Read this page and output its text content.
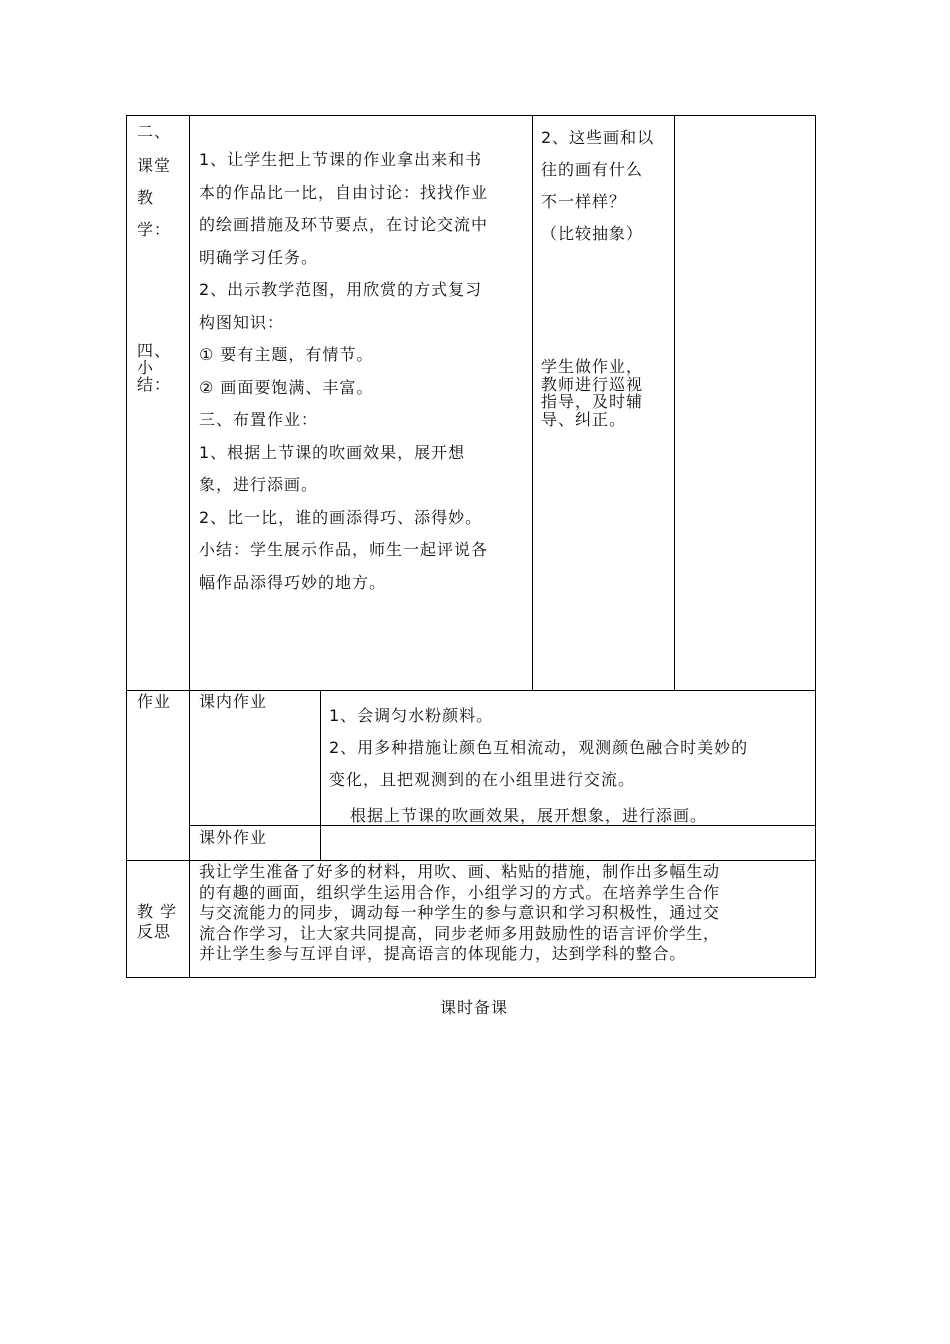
二、
课堂
教
学：
四、
小
结：
1、让学生把上节课的作业拿出来和书
本的作品比一比，自由讨论：找找作业
的绘画措施及环节要点，在讨论交流中
明确学习任务。
2、出示教学范图，用欣赏的方式复习
构图知识：
① 要有主题，有情节。
② 画面要饱满、丰富。
三、布置作业：
1、根据上节课的吹画效果，展开想
象，进行添画。
2、比一比，谁的画添得巧、添得妙。
小结：学生展示作品，师生一起评说各
幅作品添得巧妙的地方。
2、这些画和以
往的画有什么
不一样样？
（比较抽象）
学生做作业，
教师进行巡视
指导，及时辅
导、纠正。
作业 课内作业
1、会调匀水粉颜料。
2、用多种措施让颜色互相流动，观测颜色融合时美妙的
变化，且把观测到的在小组里进行交流。
根据上节课的吹画效果，展开想象，进行添画。
课外作业
教 学
反思
我让学生准备了好多的材料，用吹、画、粘贴的措施，制作出多幅生动
的有趣的画面，组织学生运用合作，小组学习的方式。在培养学生合作
与交流能力的同步，调动每一种学生的参与意识和学习积极性，通过交
流合作学习，让大家共同提高，同步老师多用鼓励性的语言评价学生，
并让学生参与互评自评，提高语言的体现能力，达到学科的整合。
课时备课
